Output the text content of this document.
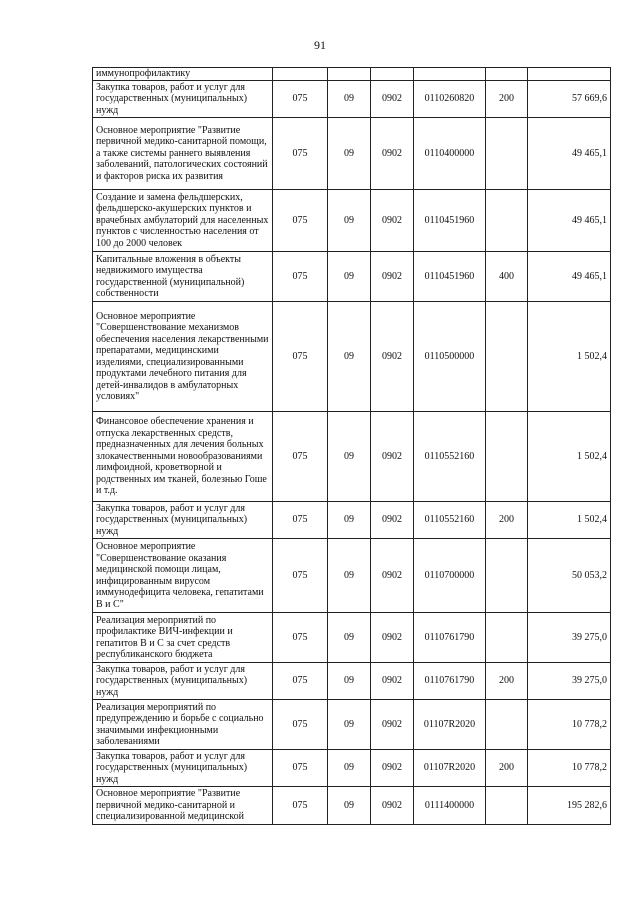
91
иммунопрофилактику						
Закупка товаров, работ и услуг для государственных (муниципальных) нужд	075	09	0902	0110260820	200	57 669,6
Основное мероприятие "Развитие первичной медико-санитарной помощи, а также системы раннего выявления заболеваний, патологических состояний и факторов риска их развития	075	09	0902	0110400000		49 465,1
Создание и замена фельдшерских, фельдшерско-акушерских пунктов и врачебных амбулаторий для населенных пунктов с численностью населения от 100 до 2000 человек	075	09	0902	0110451960		49 465,1
Капитальные вложения в объекты недвижимого имущества государственной (муниципальной) собственности	075	09	0902	0110451960	400	49 465,1
Основное мероприятие "Совершенствование механизмов обеспечения населения лекарственными препаратами, медицинскими изделиями, специализированными продуктами лечебного питания для детей-инвалидов в амбулаторных условиях"	075	09	0902	0110500000		1 502,4
Финансовое обеспечение хранения и отпуска лекарственных средств, предназначенных для лечения больных злокачественными новообразованиями лимфоидной, кроветворной и родственных им тканей, болезнью Гоше и т.д.	075	09	0902	0110552160		1 502,4
Закупка товаров, работ и услуг для государственных (муниципальных) нужд	075	09	0902	0110552160	200	1 502,4
Основное мероприятие "Совершенствование оказания медицинской помощи лицам, инфицированным вирусом иммунодефицита человека, гепатитами В и С"	075	09	0902	0110700000		50 053,2
Реализация мероприятий по профилактике ВИЧ-инфекции и гепатитов В и С за счет средств республиканского бюджета	075	09	0902	0110761790		39 275,0
Закупка товаров, работ и услуг для государственных (муниципальных) нужд	075	09	0902	0110761790	200	39 275,0
Реализация мероприятий по предупреждению и борьбе с социально значимыми инфекционными заболеваниями	075	09	0902	01107R2020		10 778,2
Закупка товаров, работ и услуг для государственных (муниципальных) нужд	075	09	0902	01107R2020	200	10 778,2
Основное мероприятие "Развитие первичной медико-санитарной и специализированной медицинской	075	09	0902	0111400000		195 282,6
